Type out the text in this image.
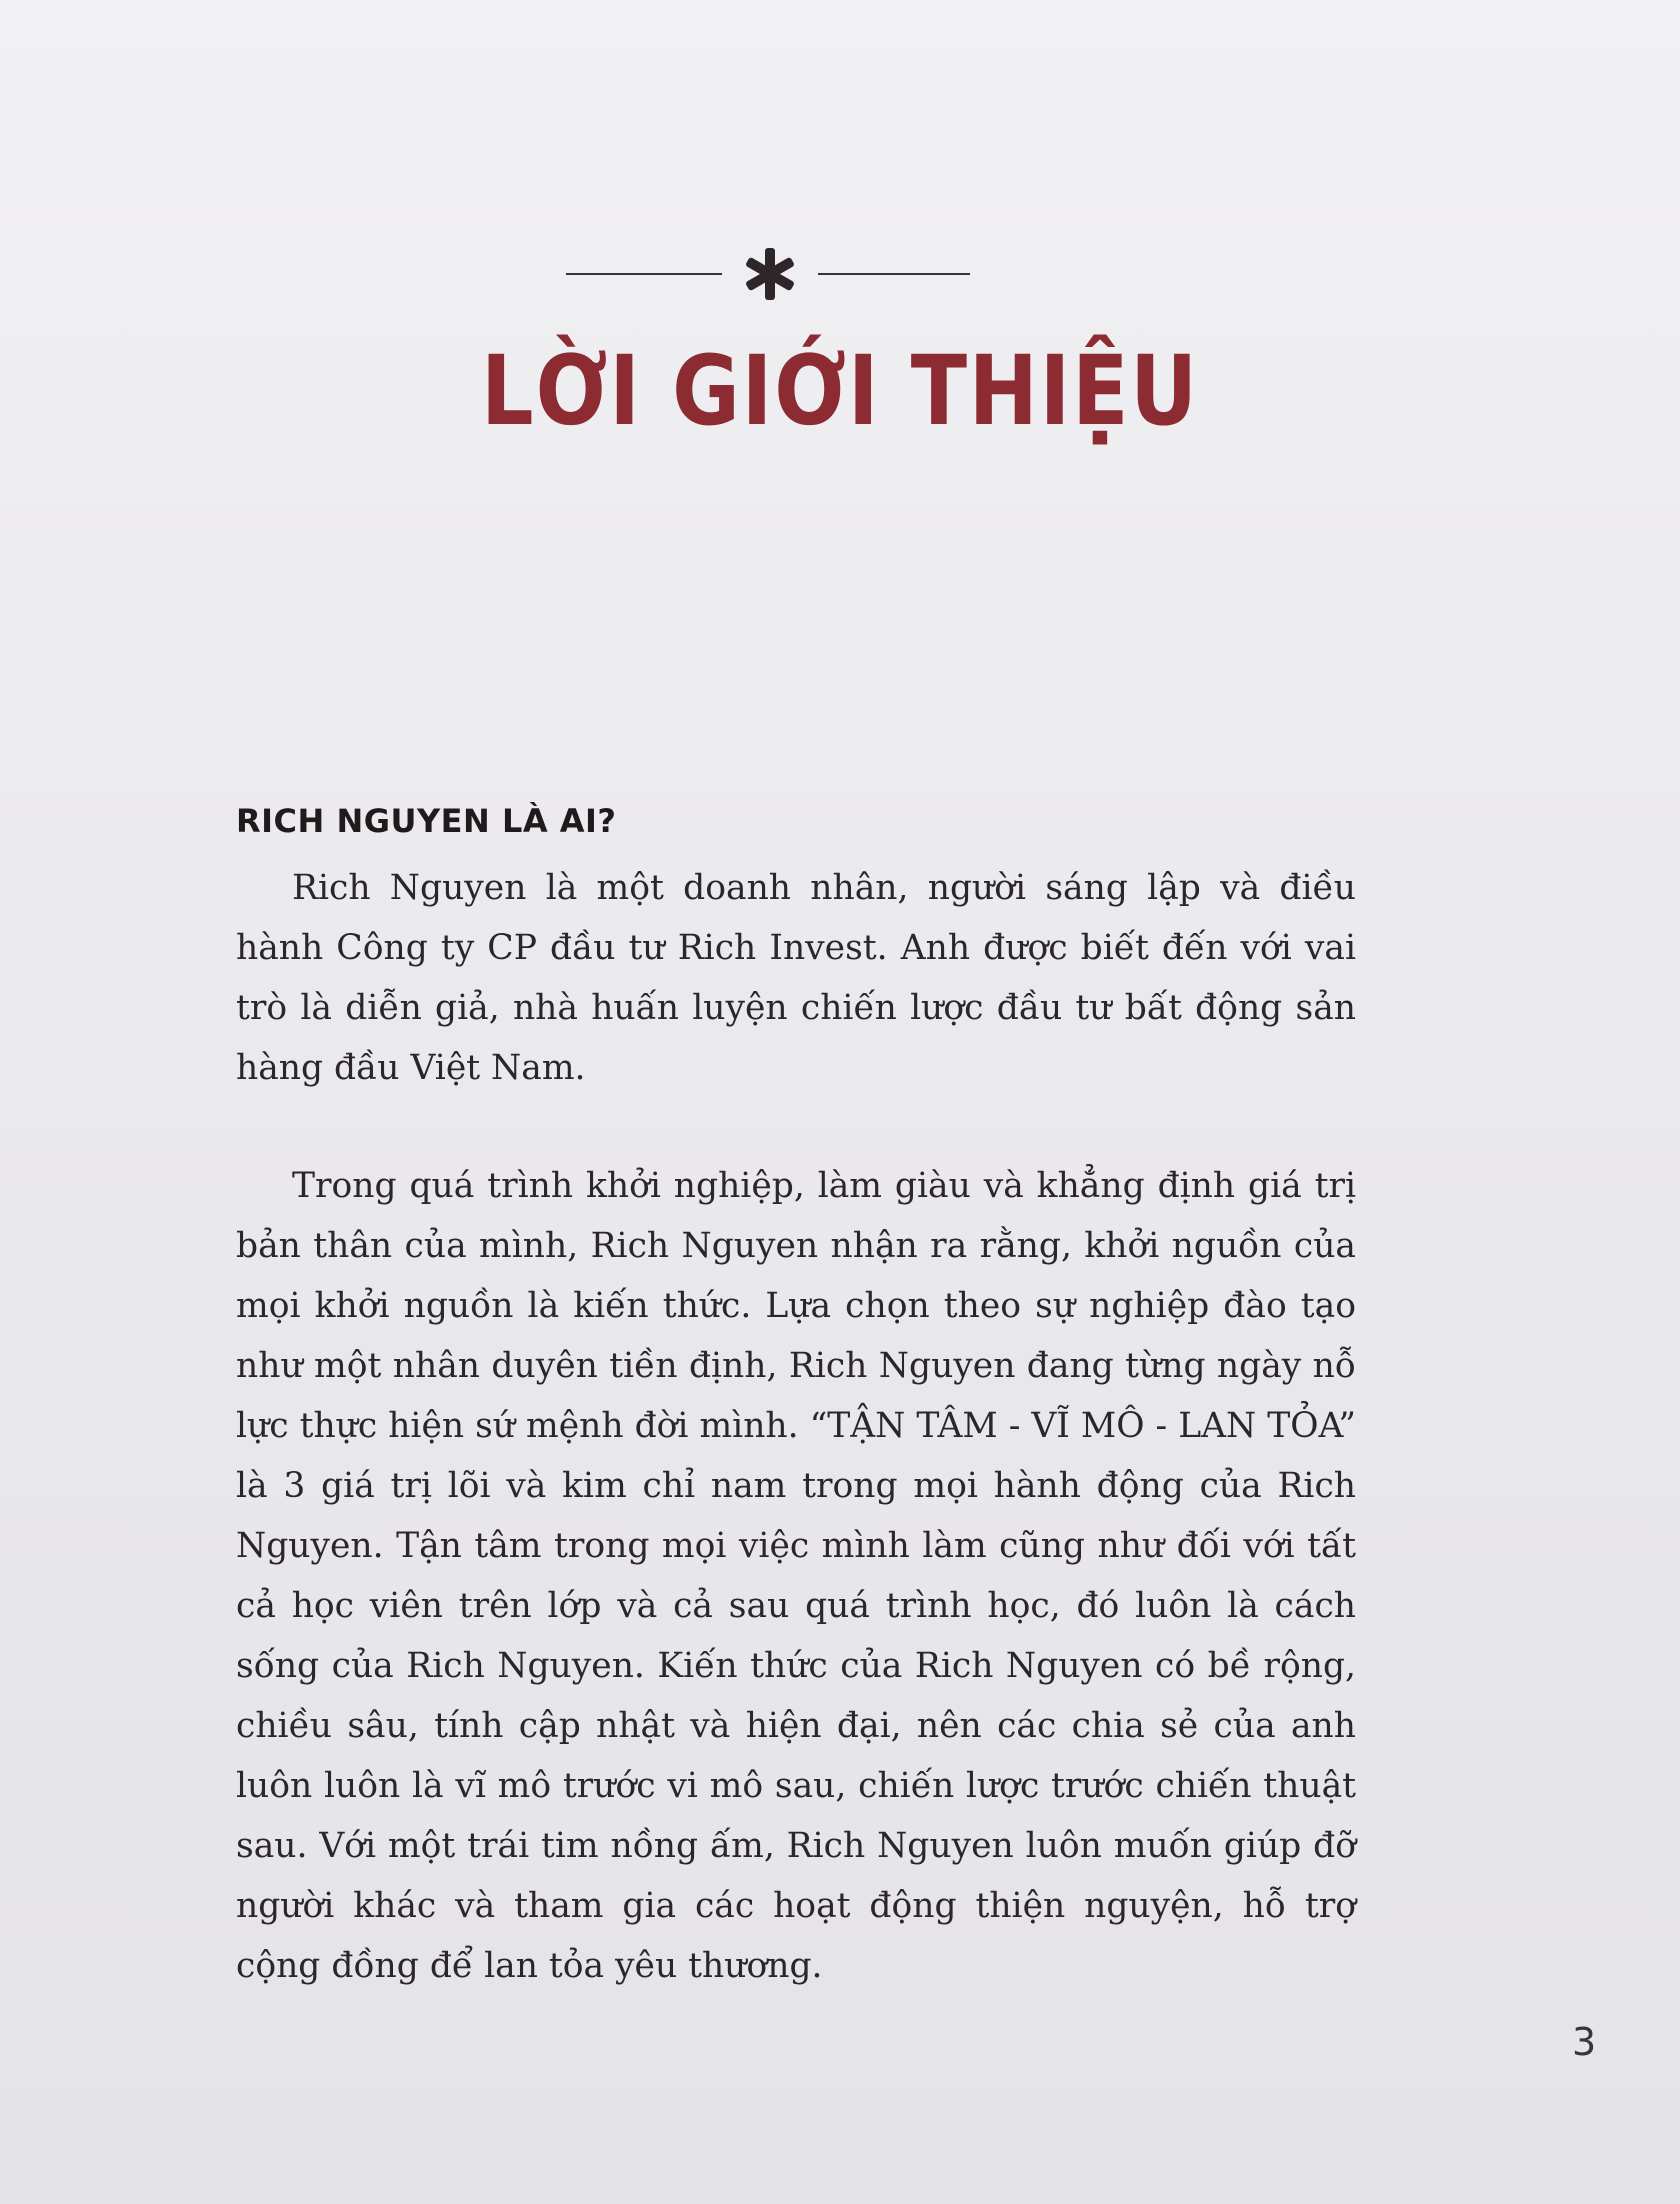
LỜI GIỚI THIỆU
RICH NGUYEN LÀ AI?

Rich Nguyen là một doanh nhân, người sáng lập và điều hành Công ty CP đầu tư Rich Invest. Anh được biết đến với vai trò là diễn giả, nhà huấn luyện chiến lược đầu tư bất động sản hàng đầu Việt Nam.

Trong quá trình khởi nghiệp, làm giàu và khẳng định giá trị bản thân của mình, Rich Nguyen nhận ra rằng, khởi nguồn của mọi khởi nguồn là kiến thức. Lựa chọn theo sự nghiệp đào tạo như một nhân duyên tiền định, Rich Nguyen đang từng ngày nỗ lực thực hiện sứ mệnh đời mình. “TẬN TÂM - VĨ MÔ - LAN TỎA” là 3 giá trị lõi và kim chỉ nam trong mọi hành động của Rich Nguyen. Tận tâm trong mọi việc mình làm cũng như đối với tất cả học viên trên lớp và cả sau quá trình học, đó luôn là cách sống của Rich Nguyen. Kiến thức của Rich Nguyen có bề rộng, chiều sâu, tính cập nhật và hiện đại, nên các chia sẻ của anh luôn luôn là vĩ mô trước vi mô sau, chiến lược trước chiến thuật sau. Với một trái tim nồng ấm, Rich Nguyen luôn muốn giúp đỡ người khác và tham gia các hoạt động thiện nguyện, hỗ trợ cộng đồng để lan tỏa yêu thương.

3
